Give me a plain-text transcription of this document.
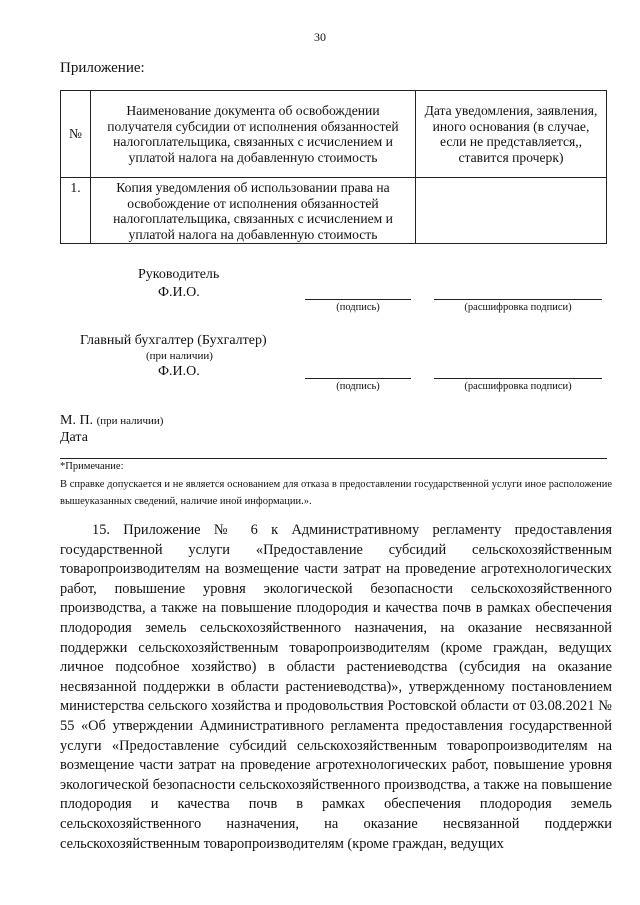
30
Приложение:
№	Наименование документа об освобождении получателя субсидии от исполнения обязанностей налогоплательщика, связанных с исчислением и уплатой налога на добавленную стоимость	Дата уведомления, заявления, иного основания (в случае, если не представляется,, ставится прочерк)
1.	Копия уведомления об использовании права на освобождение от исполнения обязанностей налогоплательщика, связанных с исчислением и уплатой налога на добавленную стоимость	
Руководитель
Ф.И.О.
(подпись)	(расшифровка подписи)
Главный бухгалтер (Бухгалтер)
(при наличии)
Ф.И.О.
(подпись)	(расшифровка подписи)
М. П. (при наличии)
Дата
*Примечание:
В справке допускается и не является основанием для отказа в предоставлении государственной услуги иное расположение вышеуказанных сведений, наличие иной информации.».

15. Приложение № 6 к Административному регламенту предоставления государственной услуги «Предоставление субсидий сельскохозяйственным товаропроизводителям на возмещение части затрат на проведение агротехнологических работ, повышение уровня экологической безопасности сельскохозяйственного производства, а также на повышение плодородия и качества почв в рамках обеспечения плодородия земель сельскохозяйственного назначения, на оказание несвязанной поддержки сельскохозяйственным товаропроизводителям (кроме граждан, ведущих личное подсобное хозяйство) в области растениеводства (субсидия на оказание несвязанной поддержки в области растениеводства)», утвержденному постановлением министерства сельского хозяйства и продовольствия Ростовской области от 03.08.2021 № 55 «Об утверждении Административного регламента предоставления государственной услуги «Предоставление субсидий сельскохозяйственным товаропроизводителям на возмещение части затрат на проведение агротехнологических работ, повышение уровня экологической безопасности сельскохозяйственного производства, а также на повышение плодородия и качества почв в рамках обеспечения плодородия земель сельскохозяйственного назначения, на оказание несвязанной поддержки сельскохозяйственным товаропроизводителям (кроме граждан, ведущих
